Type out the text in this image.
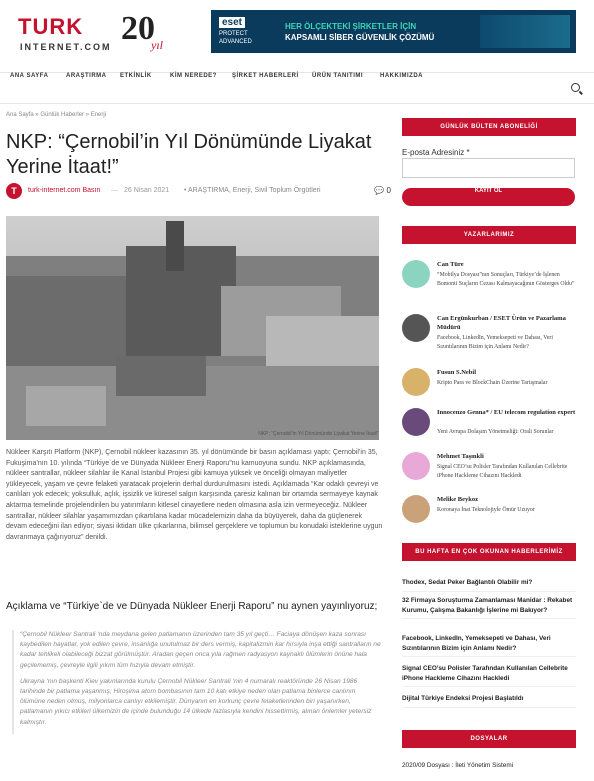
TURK
INTERNET.COM 20
yıl
eset
PROTECT
ADVANCED
HER ÖLÇEKTEKİ ŞİRKETLER İÇİN
KAPSAMLI SİBER GÜVENLİK ÇÖZÜMÜ
ANA SAYFA	ARAŞTIRMA ETKİNLİK	KİM NEREDE?	ŞİRKET HABERLERİ ÜRÜN TANITIMI	HAKKIMIZDA
Ana Sayfa » Günlük Haberler » Enerji
NKP: “Çernobil’in Yıl Dönümünde Liyakat Yerine İtaat!”
T	turk-internet.com Basın — 26 Nisan 2021 • ARAŞTIRMA, Enerji, Sivil Toplum Örgütleri	💬 0
NKP: “Çernobil’in Yıl Dönümünde Liyakat Yerine İtaat!”

Nükleer Karşıtı Platform (NKP), Çernobil nükleer kazasının 35. yıl dönümünde bir basın açıklaması yaptı; Çernobil’in 35, Fukuşima’nın 10. yılında “Türkiye`de ve Dünyada Nükleer Enerji Raporu”nu kamuoyuna sundu. NKP açıklamasında, nükleer santrallar, nükleer silahlar ile Kanal İstanbul Projesi gibi kamuya yüksek ve önceliği olmayan maliyetler yükleyecek, yaşam ve çevre felaketi yaratacak projelerin derhal durdurulmasını istedi. Açıklamada “Kar odaklı çevreyi ve canlıları yok edecek; yoksulluk, açlık, işsizlik ve küresel salgın karşısında çaresiz kalınan bir ortamda sermayeye kaynak aktarma temelinde projelendirilen bu yatırımların kitlesel cinayetlere neden olmasına asla izin vermeyeceğiz. Nükleer santrallar, nükleer silahlar yaşamımızdan çıkartılana kadar mücadelemizin daha da büyüyerek, daha da güçlenerek devam edeceğini ilan ediyor; siyasi iktidarı ülke çıkarlarına, bilimsel gerçeklere ve toplumun bu konudaki isteklerine uygun davranmaya çağırıyoruz” denildi.

Açıklama ve “Türkiye`de ve Dünyada Nükleer Enerji Raporu” nu aynen yayınlıyoruz;

“Çernobil Nükleer Santrali ‘nda meydana gelen patlamanın üzerinden tam 35 yıl geçti… Faciaya dönüşen kaza sonrası kaybedilen hayatlar, yok edilen çevre, insanlığa unutulmaz bir ders vermiş, kapitalizmin kar hırsıyla inşa ettiği santralların ne kadar tehlikeli olabileceği bizzat görülmüştür. Aradan geçen onca yıla rağmen radyasyon kaynaklı ölümlerin önüne hala geçilememiş, çevreyle ilgili yıkım tüm hızıyla devam etmiştir.

Ukrayna ‘nın başkenti Kiev yakınlarında kurulu Çernobil Nükleer Santrali ‘nin 4 numaralı reaktöründe 26 Nisan 1986 tarihinde bir patlama yaşanmış; Hiroşima atom bombasının tam 10 katı etkiye neden olan patlama binlerce canlının ölümüne neden olmuş, milyonlarca canlıyı etkilemiştir. Dünyanın en korkunç çevre felaketlerinden biri yaşanırken, patlamanın yıkıcı etkileri ülkemizin de içinde bulunduğu 14 ülkede fazlasıyla kendini hissettirmiş, alınan önlemler yetersiz kalmıştır.

GÜNLÜK BÜLTEN ABONELİĞİ
E-posta Adresiniz *
KAYIT OL
YAZARLARIMIZ
Can Türe
“Mobilya Dosyası”nın Sonuçları, Türkiye’de İşlenen Bomonti Suçların Cezası Kalmayacağının Gösterges Oldu”
Can Ergünkurban / ESET Ürün ve Pazarlama Müdürü
Facebook, LinkedIn, Yemeksepeti ve Dahası, Veri Sızıntılarının Bizim için Anlamı Nedir?
Fusun S.Nebil
Kripto Para ve BlockChain Üzerine Tartışmalar
Innocenzo Genna* / EU telecom regulation expert
Yeni Avrupa Dolaşım Yönetmeliği: Orali Sorunlar
Mehmet Taşınkli
Signal CEO’su Polisler Tarafından Kullanılan Cellebrite iPhone Hackleme Cihazını Hackledi
Melike Beykoz
Koronaya İnat Teknolojiyle Ömür Uzuyor
BU HAFTA EN ÇOK OKUNAN HABERLERİMİZ
Thodex, Sedat Peker Bağlantılı Olabilir mi?
32 Firmaya Soruşturma Zamanlaması Manidar : Rekabet Kurumu, Çalışma Bakanlığı İşlerine mi Bakıyor?
Facebook, LinkedIn, Yemeksepeti ve Dahası, Veri Sızıntılarının Bizim için Anlamı Nedir?
Signal CEO’su Polisler Tarafından Kullanılan Cellebrite iPhone Hackleme Cihazını Hackledi
Dijital Türkiye Endeksi Projesi Başlatıldı
DOSYALAR
2020/09 Dosyası : İleti Yönetim Sistemi
